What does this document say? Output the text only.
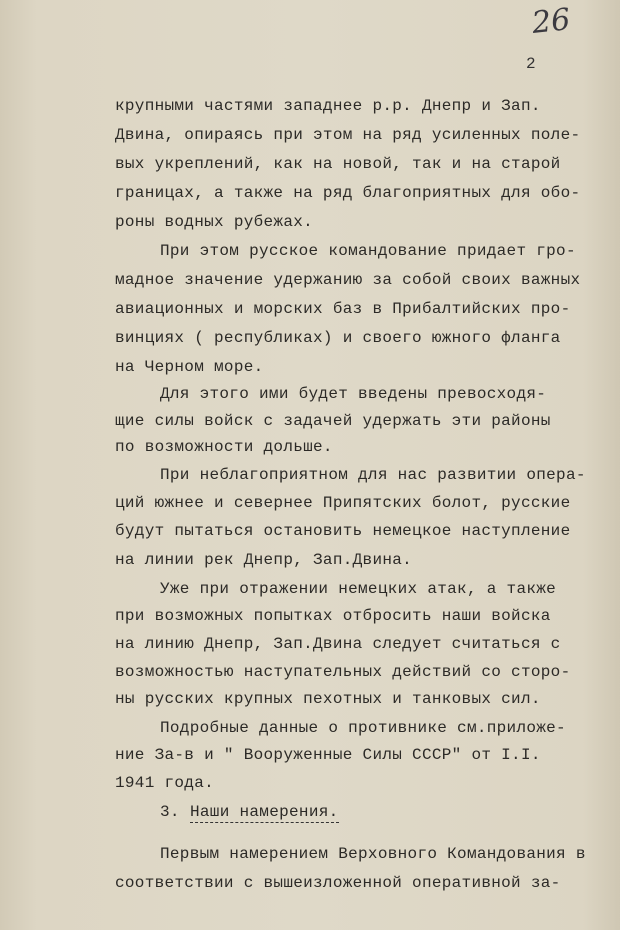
26
2
крупными частями западнее р.р. Днепр и Зап.
Двина, опираясь при этом на ряд усиленных поле-
вых укреплений, как на новой, так и на старой
границах, а также на ряд благоприятных для обо-
роны водных рубежах.
При этом русское командование придает гро-
мадное значение удержанию за собой своих важных
авиационных и морских баз в Прибалтийских про-
винциях ( республиках) и своего южного фланга
на Черном море.
Для этого ими будет введены превосходя-
щие силы войск с задачей удержать эти районы
по возможности дольше.
При неблагоприятном для нас развитии опера-
ций южнее и севернее Припятских болот, русские
будут пытаться остановить немецкое наступление
на линии рек Днепр, Зап.Двина.
Уже при отражении немецких атак, а также
при возможных попытках отбросить наши войска
на линию Днепр, Зап.Двина следует считаться с
возможностью наступательных действий со сторо-
ны русских крупных пехотных и танковых сил.
Подробные данные о противнике см.приложе-
ние За-в и " Вооруженные Силы СССР" от I.I.
1941 года.
3. Наши намерения.
Первым намерением Верховного Командования в
соответствии с вышеизложенной оперативной за-
